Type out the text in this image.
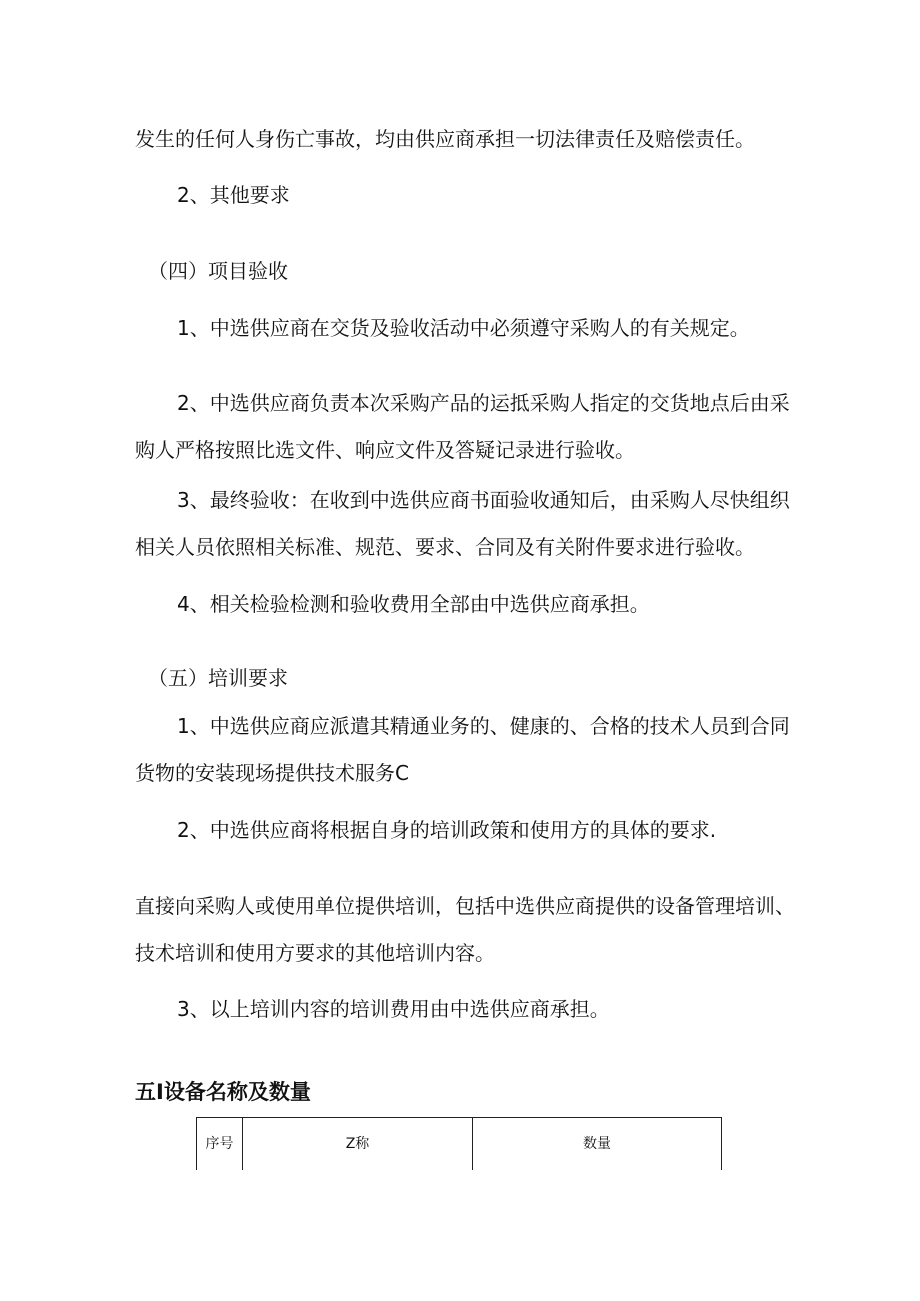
发生的任何人身伤亡事故，均由供应商承担一切法律责任及赔偿责任。
2、其他要求
（四）项目验收
1、中选供应商在交货及验收活动中必须遵守采购人的有关规定。
2、中选供应商负责本次采购产品的运抵采购人指定的交货地点后由采
购人严格按照比选文件、响应文件及答疑记录进行验收。
3、最终验收：在收到中选供应商书面验收通知后，由采购人尽快组织
相关人员依照相关标准、规范、要求、合同及有关附件要求进行验收。
4、相关检验检测和验收费用全部由中选供应商承担。
（五）培训要求
1、中选供应商应派遣其精通业务的、健康的、合格的技术人员到合同
货物的安装现场提供技术服务C
2、中选供应商将根据自身的培训政策和使用方的具体的要求.
直接向采购人或使用单位提供培训，包括中选供应商提供的设备管理培训、
技术培训和使用方要求的其他培训内容。
3、以上培训内容的培训费用由中选供应商承担。
五I设备名称及数量
序号	Z称	数量
